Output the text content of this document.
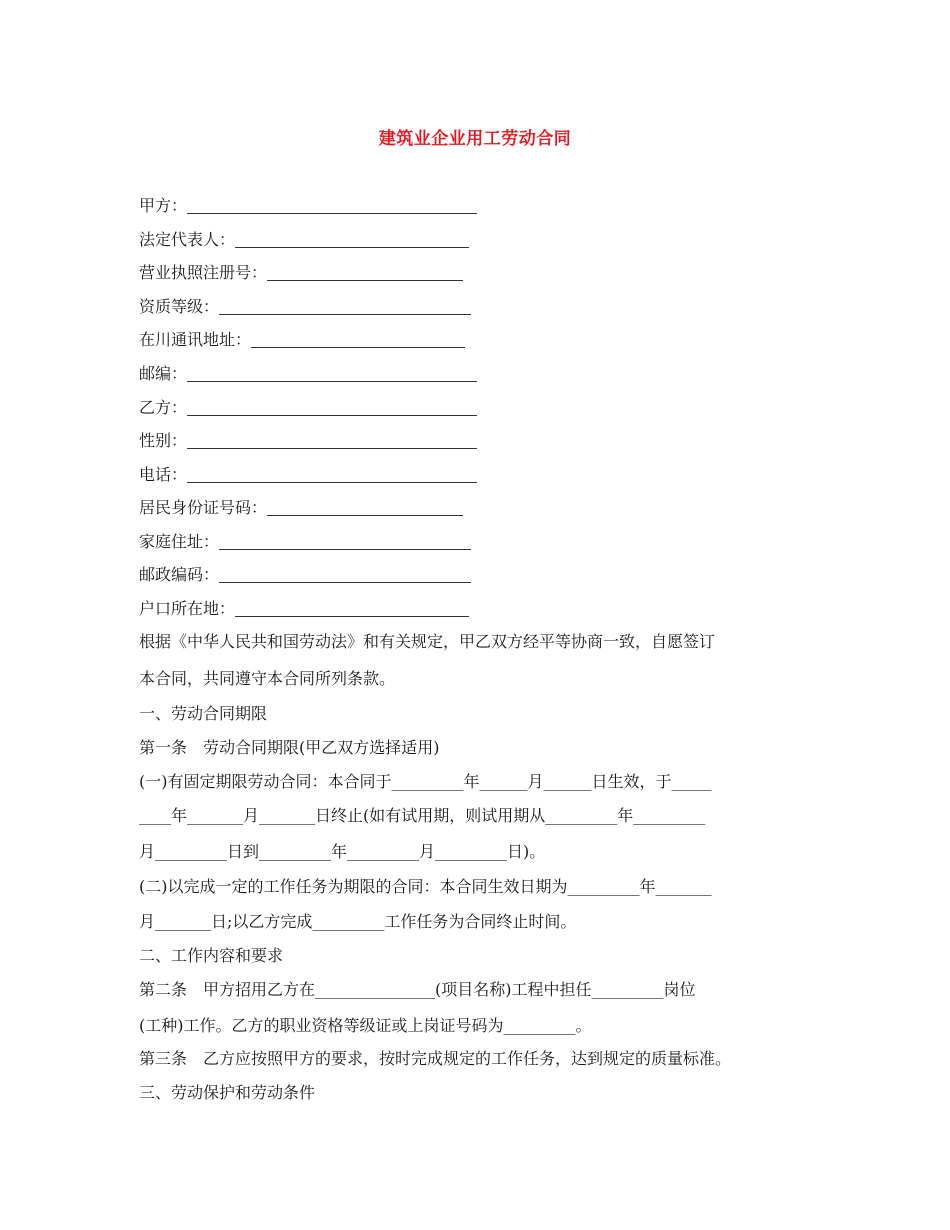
建筑业企业用工劳动合同
甲方：
法定代表人：
营业执照注册号：
资质等级：
在川通讯地址：
邮编：
乙方：
性别：
电话：
居民身份证号码：
家庭住址：
邮政编码：
户口所在地：
根据《中华人民共和国劳动法》和有关规定，甲乙双方经平等协商一致，自愿签订
本合同，共同遵守本合同所列条款。
一、劳动合同期限
第一条　劳动合同期限(甲乙双方选择适用)
(一)有固定期限劳动合同：本合同于_________年______月______日生效，于_____
____年_______月_______日终止(如有试用期，则试用期从_________年_________
月_________日到_________年_________月_________日)。
(二)以完成一定的工作任务为期限的合同：本合同生效日期为_________年_______
月_______日;以乙方完成_________工作任务为合同终止时间。
二、工作内容和要求
第二条　甲方招用乙方在_______________(项目名称)工程中担任_________岗位
(工种)工作。乙方的职业资格等级证或上岗证号码为_________。
第三条　乙方应按照甲方的要求，按时完成规定的工作任务，达到规定的质量标准。
三、劳动保护和劳动条件
